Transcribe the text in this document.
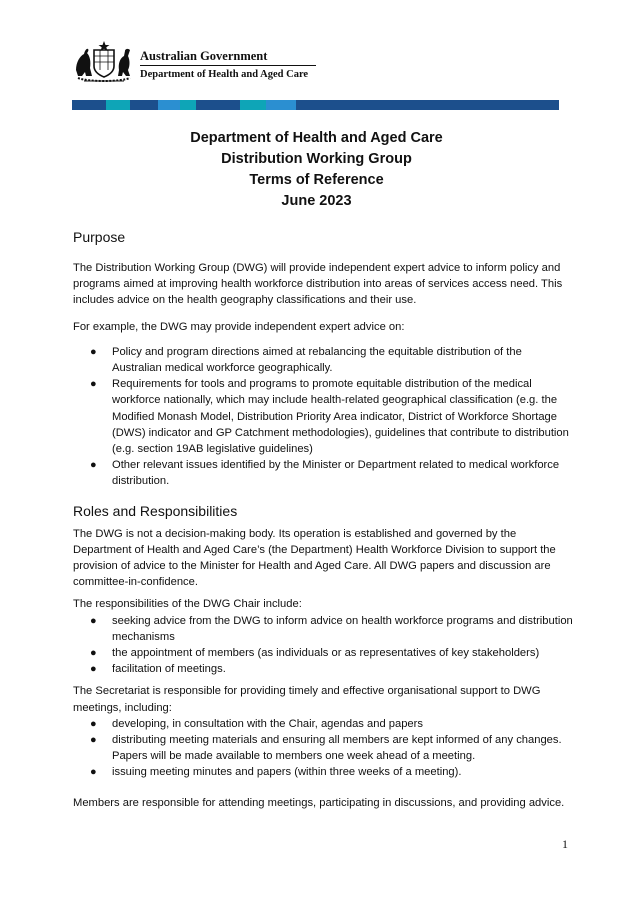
Australian Government
Department of Health and Aged Care
Department of Health and Aged Care
Distribution Working Group
Terms of Reference
June 2023
Purpose

The Distribution Working Group (DWG) will provide independent expert advice to inform policy and programs aimed at improving health workforce distribution into areas of services access need. This includes advice on the health geography classifications and their use.

For example, the DWG may provide independent expert advice on:

● Policy and program directions aimed at rebalancing the equitable distribution of the Australian medical workforce geographically.
● Requirements for tools and programs to promote equitable distribution of the medical workforce nationally, which may include health-related geographical classification (e.g. the Modified Monash Model, Distribution Priority Area indicator, District of Workforce Shortage (DWS) indicator and GP Catchment methodologies), guidelines that contribute to distribution (e.g. section 19AB legislative guidelines)
● Other relevant issues identified by the Minister or Department related to medical workforce distribution.
Roles and Responsibilities

The DWG is not a decision-making body. Its operation is established and governed by the Department of Health and Aged Care’s (the Department) Health Workforce Division to support the provision of advice to the Minister for Health and Aged Care. All DWG papers and discussion are committee-in-confidence.

The responsibilities of the DWG Chair include:

● seeking advice from the DWG to inform advice on health workforce programs and distribution mechanisms
● the appointment of members (as individuals or as representatives of key stakeholders)
● facilitation of meetings.

The Secretariat is responsible for providing timely and effective organisational support to DWG meetings, including:

● developing, in consultation with the Chair, agendas and papers
● distributing meeting materials and ensuring all members are kept informed of any changes. Papers will be made available to members one week ahead of a meeting.
● issuing meeting minutes and papers (within three weeks of a meeting).

Members are responsible for attending meetings, participating in discussions, and providing advice.

1
